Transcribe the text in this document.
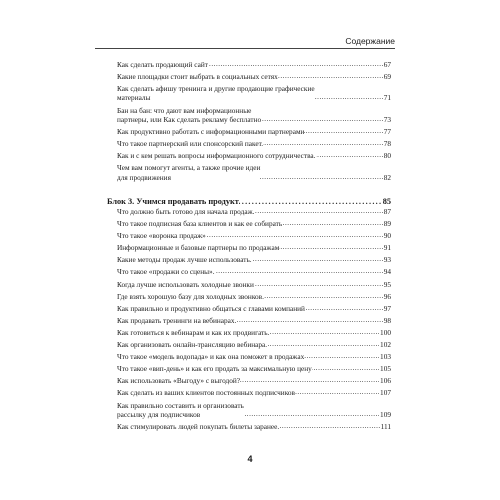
Содержание
Как сделать продающий сайт . . .	67
Какие площадки стоит выбрать в социальных сетях . . .	69
Как сделать афишу тренинга и другие продающие графические
материалы . . .	71
Бан на бан: что дают вам информационные
партнеры, или Как сделать рекламу бесплатно . . .	73
Как продуктивно работать с информационными партнерами . . .	77
Что такое партнерский или спонсорский пакет. . . .	78
Как и с кем решать вопросы информационного сотрудничества. . . .	80
Чем вам помогут агенты, а также прочие идеи
для продвижения . . .	82
Блок 3. Учимся продавать продукт . . .	85
Что должно быть готово для начала продаж. . . .	87
Что такое подписная база клиентов и как ее собирать . . .	89
Что такое «воронка продаж» . . .	90
Информационные и базовые партнеры по продажам . . .	91
Какие методы продаж лучше использовать. . . .	93
Что такое «продажи со сцены». . . .	94
Когда лучше использовать холодные звонки . . .	95
Где взять хорошую базу для холодных звонков. . . .	96
Как правильно и продуктивно общаться с главами компаний . . .	97
Как продавать тренинги на вебинарах. . . .	98
Как готовиться к вебинарам и как их продвигать. . . .	100
Как организовать онлайн-трансляцию вебинара. . . .	102
Что такое «модель водопада» и как она поможет в продажах . . .	103
Что такое «вип-день» и как его продать за максимальную цену . . .	105
Как использовать «Выгоду» с выгодой? . . .	106
Как сделать из ваших клиентов постоянных подписчиков . . .	107
Как правильно составить и организовать
рассылку для подписчиков . . .	109
Как стимулировать людей покупать билеты заранее. . . .	111
4
